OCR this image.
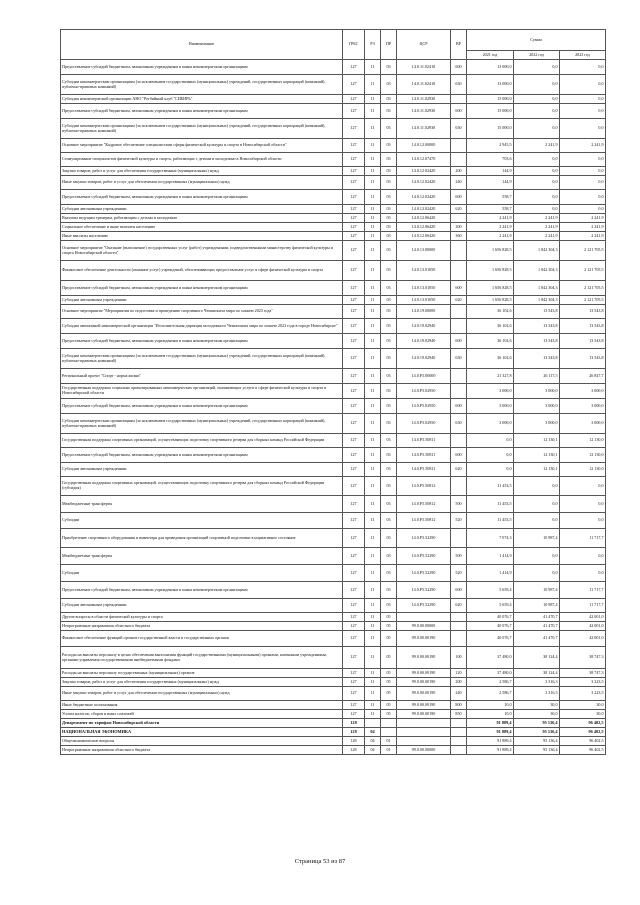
Наименование	ГРБС	РЗ	ПР	ЦСР	ВР	Сумма		
						2021 год	2022 год	2023 год
Предоставление субсидий бюджетным, автономным учреждениям и иным некоммерческим организациям	127	11	03	14.0.11.02410	600	13 000,0	0,0	0,0
Субсидии некоммерческим организациям (за исключением государственных (муниципальных) учреждений, государственных корпораций (компаний), публично-правовых компаний)	127	11	03	14.0.11.02410	630	13 000,0	0,0	0,0
Субсидия некоммерческой организации АНО "Регбийный клуб "СИБИРЬ"	127	11	03	14.0.11.02930		15 000,0	0,0	0,0
Предоставление субсидий бюджетным, автономным учреждениям и иным некоммерческим организациям	127	11	03	14.0.11.02930	600	15 000,0	0,0	0,0
Субсидии некоммерческим организациям (за исключением государственных (муниципальных) учреждений, государственных корпораций (компаний), публично-правовых компаний)	127	11	03	14.0.11.02930	630	15 000,0	0,0	0,0
Основное мероприятие "Кадровое обеспечение специалистами сферы физической культуры и спорта в Новосибирской области"	127	11	03	14.0.12.00000		2 945,5	2 241,9	2 241,9
Стимулирование специалистов физической культуры и спорта, работающих с детьми и молодежью в Новосибирской области	127	11	03	14.0.12.07470		703,6	0,0	0,0
Закупка товаров, работ и услуг для обеспечения государственных (муниципальных) нужд	127	11	03	14.0.12.02420	200	144,9	0,0	0,0
Иные закупки товаров, работ и услуг для обеспечения государственных (муниципальных) нужд	127	11	03	14.0.12.02420	240	144,9	0,0	0,0
Предоставление субсидий бюджетным, автономным учреждениям и иным некоммерческим организациям	127	11	03	14.0.12.02420	600	558,7	0,0	0,0
Субсидии автономным учреждениям	127	11	03	14.0.12.02420	620	558,7	0,0	0,0
Выплаты ведущим тренерам, работающим с детьми и молодежью	127	11	03	14.0.12.06420		2 241,9	2 241,9	2 241,9
Социальное обеспечение и иные выплаты населению	127	11	03	14.0.12.06420	300	2 241,9	2 241,9	2 241,9
Иные выплаты населению	127	11	03	14.0.12.06420	360	2 241,9	2 241,9	2 241,9
Основное мероприятие "Оказание (выполнение) государственных услуг (работ) учреждениями, подведомственными министерству физической культуры и спорта Новосибирской области"	127	11	03	14.0.13.00000		1 656 828,5	1 842 304,3	2 121 705,5
Финансовое обеспечение деятельности (оказание услуг) учреждений, обеспечивающих предоставление услуг в сфере физической культуры и спорта	127	11	03	14.0.13.01050		1 656 828,5	1 842 304,3	2 121 705,5
Предоставление субсидий бюджетным, автономным учреждениям и иным некоммерческим организациям	127	11	03	14.0.13.01050	600	1 656 828,5	1 842 304,3	2 121 705,5
Субсидии автономным учреждениям	127	11	03	14.0.13.01050	620	1 656 828,5	1 842 304,3	2 121 705,5
Основное мероприятие "Мероприятия по подготовке и проведению спортивного Чемпионата мира по хоккею 2023 года"	127	11	03	14.0.19.00000		36 102,6	13 543,8	13 543,8
Субсидия автономной некоммерческой организации "Исполнительная дирекция молодежного Чемпионата мира по хоккею 2023 года в городе Новосибирске"	127	11	03	14.0.19.02940		36 102,6	13 543,8	13 543,8
Предоставление субсидий бюджетным, автономным учреждениям и иным некоммерческим организациям	127	11	03	14.0.19.02940	600	36 102,6	13 543,8	13 543,8
Субсидии некоммерческим организациям (за исключением государственных (муниципальных) учреждений, государственных корпораций (компаний), публично-правовых компаний)	127	11	03	14.0.19.02940	630	36 102,6	13 543,8	13 543,8
Региональный проект "Спорт - норма жизни"	127	11	03	14.0.P5.00000		21 327,8	26 117,5	26 847,7
Государственная поддержка социально ориентированных некоммерческих организаций, оказывающих услуги в сфере физической культуры и спорта в Новосибирской области	127	11	03	14.0.P5.02950		3 000,0	3 000,0	3 000,0
Предоставление субсидий бюджетным, автономным учреждениям и иным некоммерческим организациям	127	11	03	14.0.P5.02950	600	3 000,0	3 000,0	3 000,0
Субсидии некоммерческим организациям (за исключением государственных (муниципальных) учреждений, государственных корпораций (компаний), публично-правовых компаний)	127	11	03	14.0.P5.02950	630	3 000,0	3 000,0	3 000,0
Государственная поддержка спортивных организаций, осуществляющих подготовку спортивного резерва для сборных команд Российской Федерации	127	11	03	14.0.P5.50811		0,0	12 130,1	12 130,0
Предоставление субсидий бюджетным, автономным учреждениям и иным некоммерческим организациям	127	11	03	14.0.P5.50811	600	0,0	12 130,1	12 130,0
Субсидии автономным учреждениям	127	11	03	14.0.P5.50811	620	0,0	12 130,1	12 130,0
Государственная поддержка спортивных организаций, осуществляющих подготовку спортивного резерва для сборных команд Российской Федерации (субсидия)	127	11	03	14.0.P5.50812		11 453,5	0,0	0,0
Межбюджетные трансферты	127	11	03	14.0.P5.50812	500	11 453,5	0,0	0,0
Субсидии	127	11	03	14.0.P5.50812	520	11 453,5	0,0	0,0
Приобретение спортивного оборудования и инвентаря для приведения организаций спортивной подготовки в нормативное состояние	127	11	03	14.0.P5.52290		7 074,3	10 987,4	11 717,7
Межбюджетные трансферты	127	11	03	14.0.P5.52290	500	1 414,9	0,0	0,0
Субсидии	127	11	03	14.0.P5.52290	520	1 414,9	0,0	0,0
Предоставление субсидий бюджетным, автономным учреждениям и иным некоммерческим организациям	127	11	03	14.0.P5.52290	600	5 659,4	10 987,4	11 717,7
Субсидии автономным учреждениям	127	11	03	14.0.P5.52290	620	5 659,4	10 987,4	11 717,7
Другие вопросы в области физической культуры и спорта	127	11	05			40 076,7	41 470,7	42 001,0
Непрограммные направления областного бюджета	127	11	05	99.0.00.00000		40 076,7	41 470,7	42 001,0
Финансовое обеспечение функций органов государственной власти и государственных органов	127	11	05	99.0.00.00190		40 076,7	41 470,7	42 001,0
Расходы на выплаты персоналу в целях обеспечения выполнения функций государственными (муниципальными) органами, казенными учреждениями, органами управления государственными внебюджетными фондами	127	11	05	99.0.00.00190	100	37 480,0	38 124,4	38 747,3
Расходы на выплаты персоналу государственных (муниципальных) органов	127	11	05	99.0.00.00190	120	37 480,0	38 124,4	38 747,3
Закупка товаров, работ и услуг для обеспечения государственных (муниципальных) нужд	127	11	05	99.0.00.00190	200	2 586,7	3 316,3	3 223,5
Иные закупки товаров, работ и услуг для обеспечения государственных (муниципальных) нужд	127	11	05	99.0.00.00190	240	2 586,7	3 316,3	3 223,5
Иные бюджетные ассигнования	127	11	05	99.0.00.00190	800	10,0	30,0	30,0
Уплата налогов, сборов и иных платежей	127	11	05	99.0.00.00190	850	10,0	30,0	30,0
Департамент по тарифам Новосибирской области	128					91 889,4	95 136,4	96 402,5
НАЦИОНАЛЬНАЯ ЭКОНОМИКА	128	04				91 889,4	95 136,4	96 402,5
Общеэкономические вопросы	128	04	01			91 889,4	95 136,4	96 402,5
Непрограммные направления областного бюджета	128	04	01	99.0.00.00000		91 889,4	95 136,4	96 402,5
Страница 53 из 87
